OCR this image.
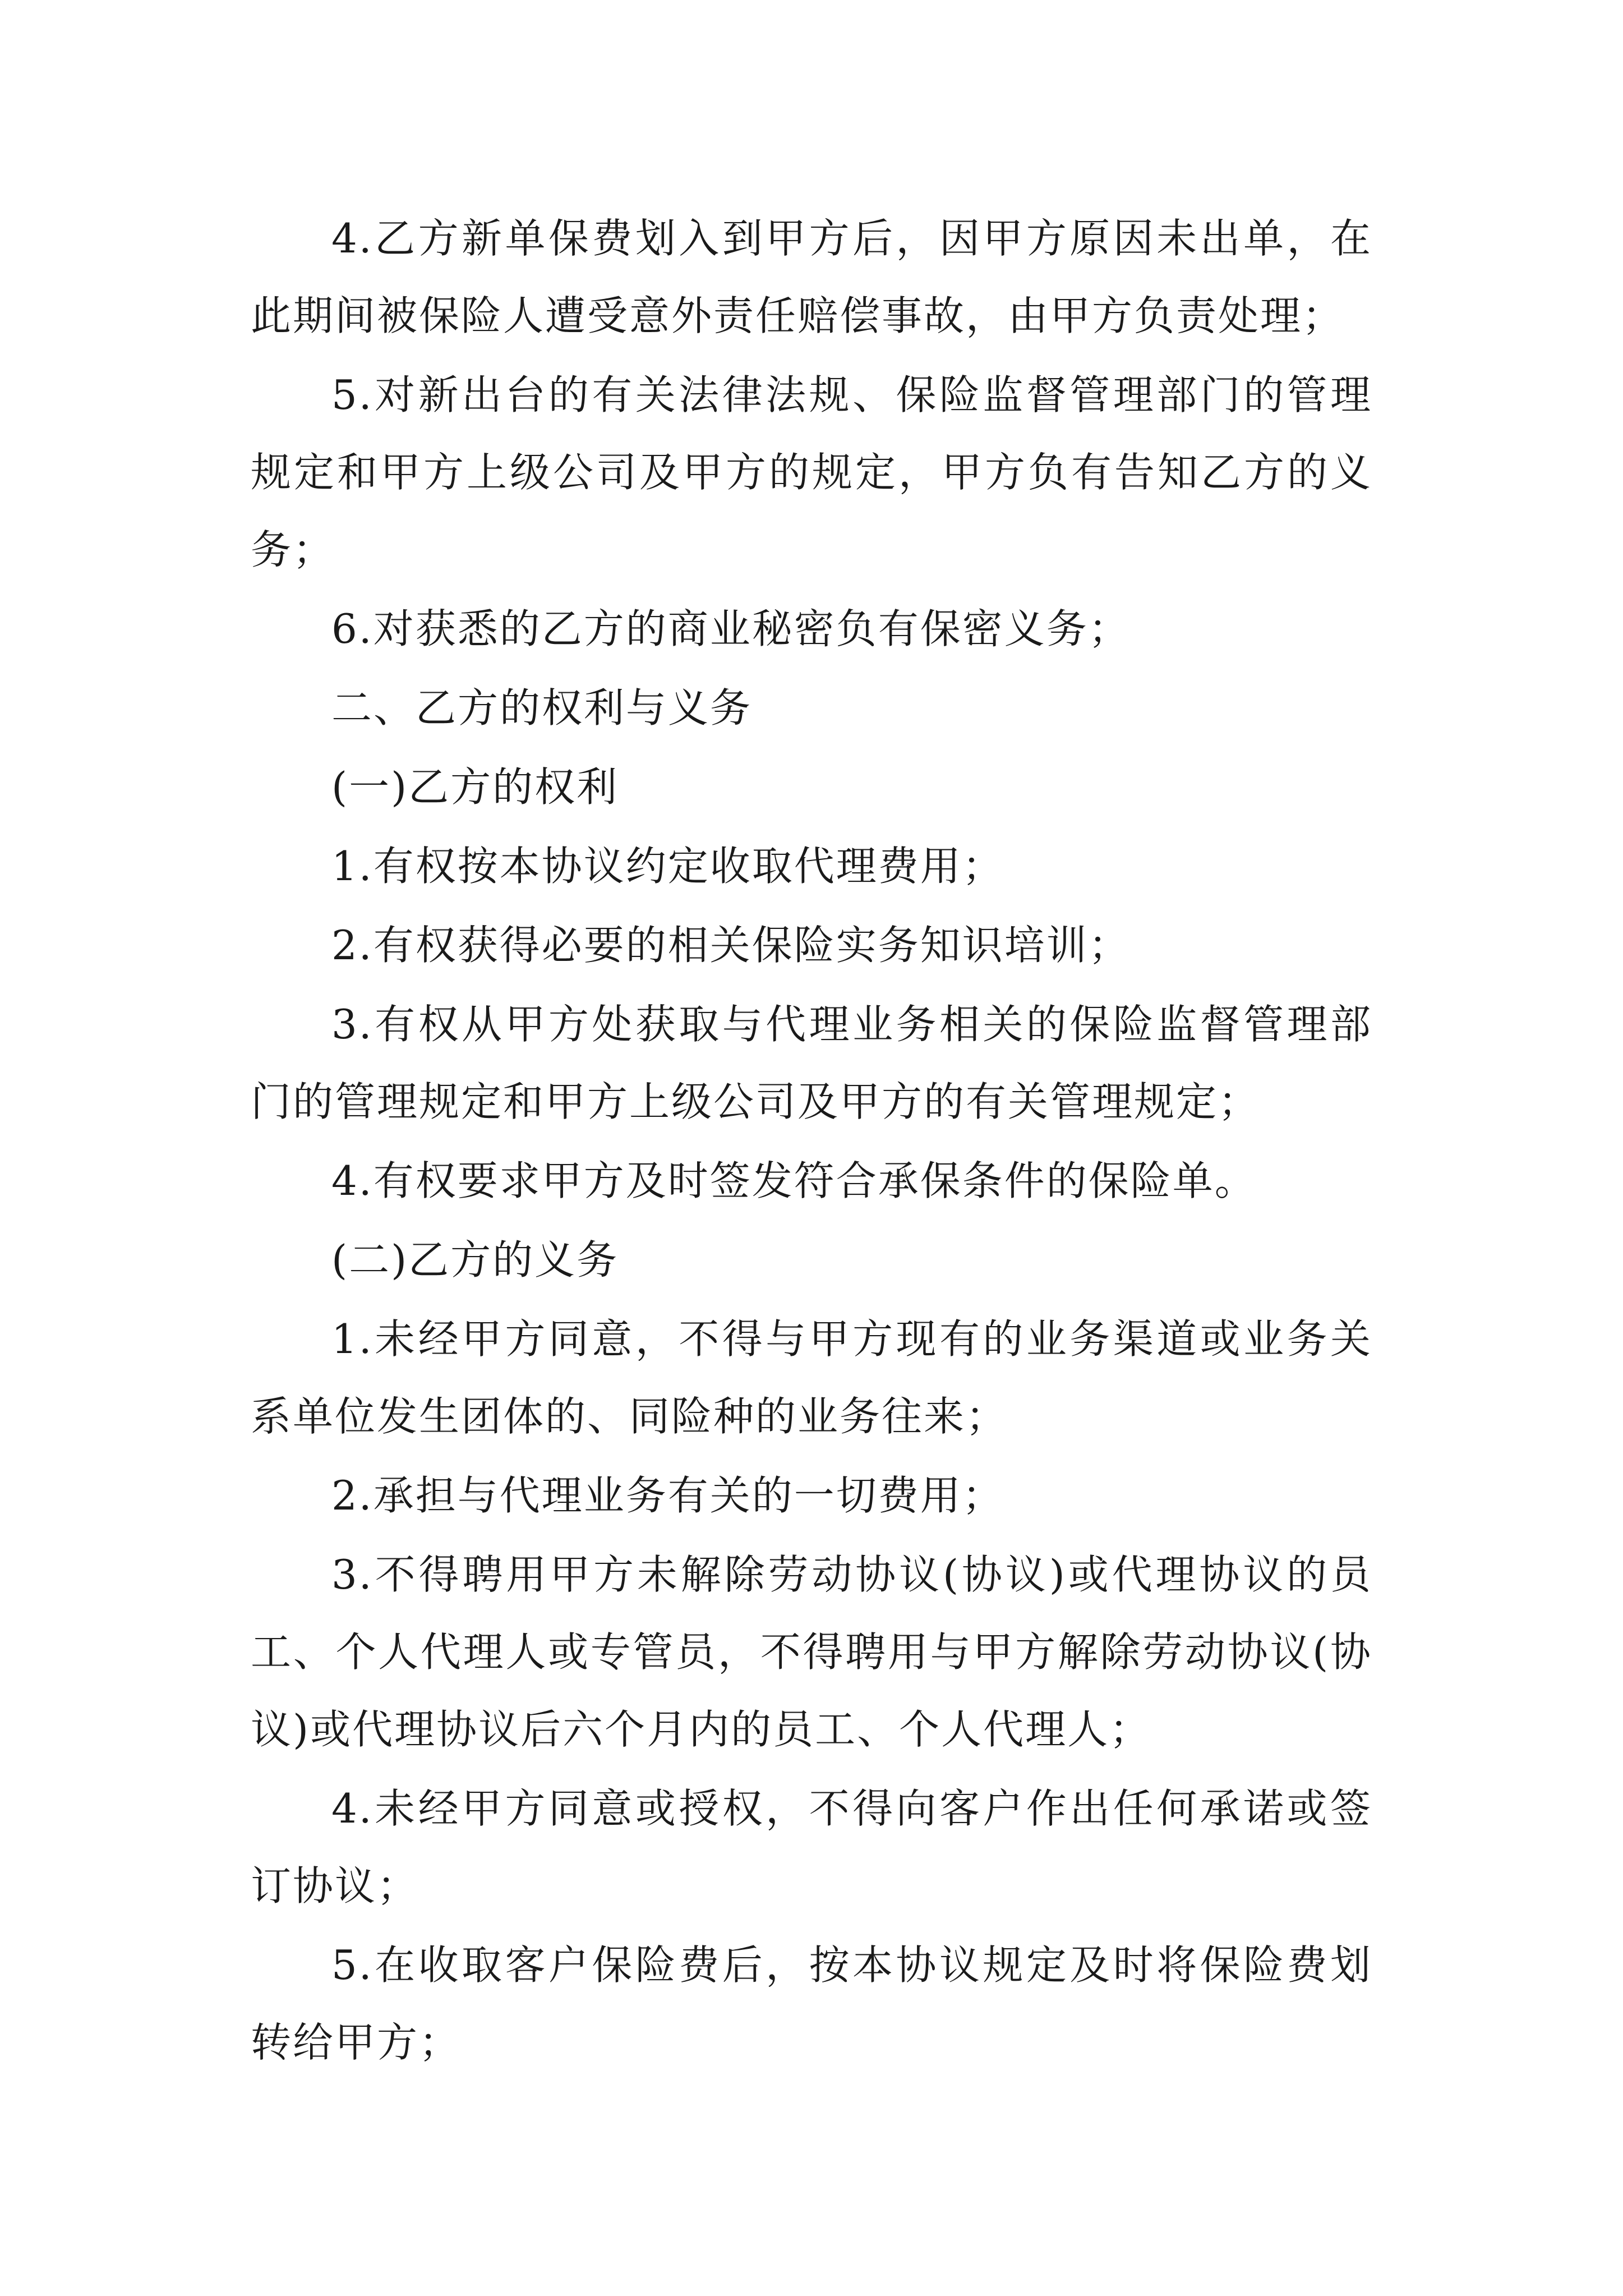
4.乙方新单保费划入到甲方后，因甲方原因未出单，在此期间被保险人遭受意外责任赔偿事故，由甲方负责处理；

5.对新出台的有关法律法规、保险监督管理部门的管理规定和甲方上级公司及甲方的规定，甲方负有告知乙方的义务；

6.对获悉的乙方的商业秘密负有保密义务；

二、乙方的权利与义务

(一)乙方的权利

1.有权按本协议约定收取代理费用；

2.有权获得必要的相关保险实务知识培训；

3.有权从甲方处获取与代理业务相关的保险监督管理部门的管理规定和甲方上级公司及甲方的有关管理规定；

4.有权要求甲方及时签发符合承保条件的保险单。

(二)乙方的义务

1.未经甲方同意，不得与甲方现有的业务渠道或业务关系单位发生团体的、同险种的业务往来；

2.承担与代理业务有关的一切费用；

3.不得聘用甲方未解除劳动协议(协议)或代理协议的员工、个人代理人或专管员，不得聘用与甲方解除劳动协议(协议)或代理协议后六个月内的员工、个人代理人；

4.未经甲方同意或授权，不得向客户作出任何承诺或签订协议；

5.在收取客户保险费后，按本协议规定及时将保险费划转给甲方；
